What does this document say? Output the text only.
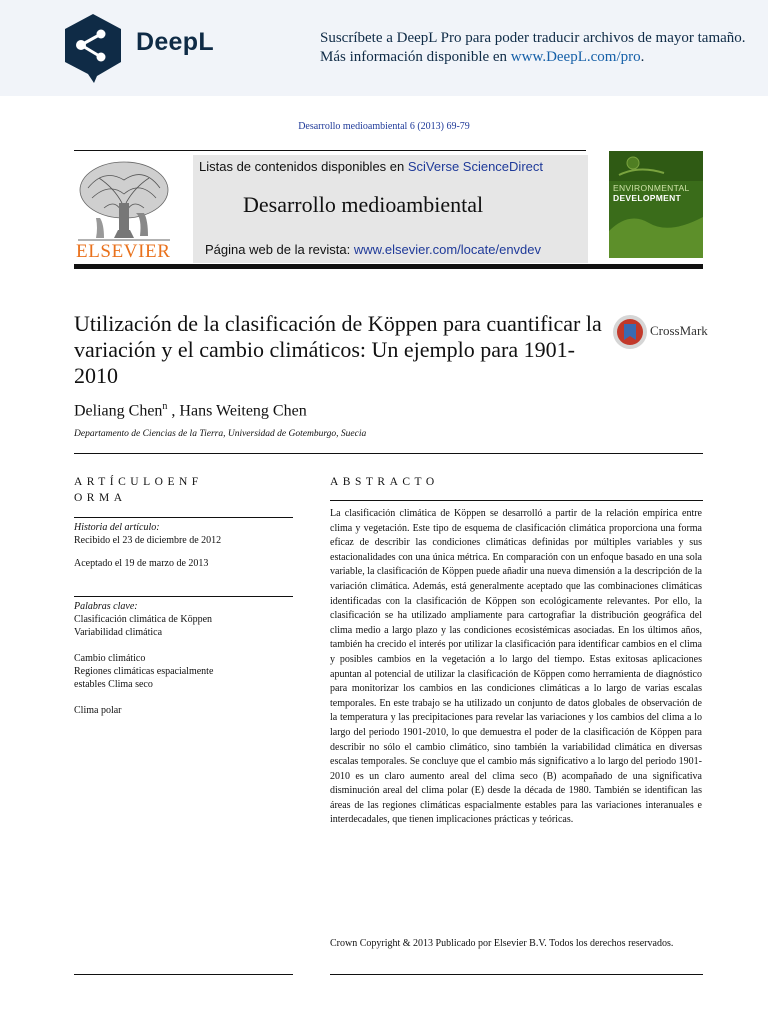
DeepL	Suscríbete a DeepL Pro para poder traducir archivos de mayor tamaño.
Más información disponible en www.DeepL.com/pro.
Desarrollo medioambiental 6 (2013) 69-79
ELSEVIER
Listas de contenidos disponibles en SciVerse ScienceDirect
Desarrollo medioambiental
Página web de la revista: www.elsevier.com/locate/envdev
ENVIRONMENTAL
DEVELOPMENT
Utilización de la clasificación de Köppen para cuantificar la variación y el cambio climáticos: Un ejemplo para 1901-2010
CrossMark
Deliang Chen$^n$ , Hans Weiteng Chen
Departamento de Ciencias de la Tierra, Universidad de Gotemburgo, Suecia
ARTÍCULOENF
ORMA
Historia del artículo:
Recibido el 23 de diciembre de 2012
Aceptado el 19 de marzo de 2013
Palabras clave:
Clasificación climática de Köppen Variabilidad climática
Cambio climático
Regiones climáticas espacialmente estables Clima seco
Clima polar
ABSTRACTO

La clasificación climática de Köppen se desarrolló a partir de la relación empírica entre clima y vegetación. Este tipo de esquema de clasificación climática proporciona una forma eficaz de describir las condiciones climáticas definidas por múltiples variables y sus estacionalidades con una única métrica. En comparación con un enfoque basado en una sola variable, la clasificación de Köppen puede añadir una nueva dimensión a la descripción de la variación climática. Además, está generalmente aceptado que las combinaciones climáticas identificadas con la clasificación de Köppen son ecológicamente relevantes. Por ello, la clasificación se ha utilizado ampliamente para cartografiar la distribución geográfica del clima medio a largo plazo y las condiciones ecosistémicas asociadas. En los últimos años, también ha crecido el interés por utilizar la clasificación para identificar cambios en el clima y posibles cambios en la vegetación a lo largo del tiempo. Estas exitosas aplicaciones apuntan al potencial de utilizar la clasificación de Köppen como herramienta de diagnóstico para monitorizar los cambios en las condiciones climáticas a lo largo de varias escalas temporales. En este trabajo se ha utilizado un conjunto de datos globales de observación de la temperatura y las precipitaciones para revelar las variaciones y los cambios del clima a lo largo del periodo 1901-2010, lo que demuestra el poder de la clasificación de Köppen para describir no sólo el cambio climático, sino también la variabilidad climática en diversas escalas temporales. Se concluye que el cambio más significativo a lo largo del periodo 1901-2010 es un claro aumento areal del clima seco (B) acompañado de una significativa disminución areal del clima polar (E) desde la década de 1980. También se identifican las áreas de las regiones climáticas espacialmente estables para las variaciones interanuales e interdecadales, que tienen implicaciones prácticas y teóricas.

Crown Copyright & 2013 Publicado por Elsevier B.V. Todos los derechos reservados.
